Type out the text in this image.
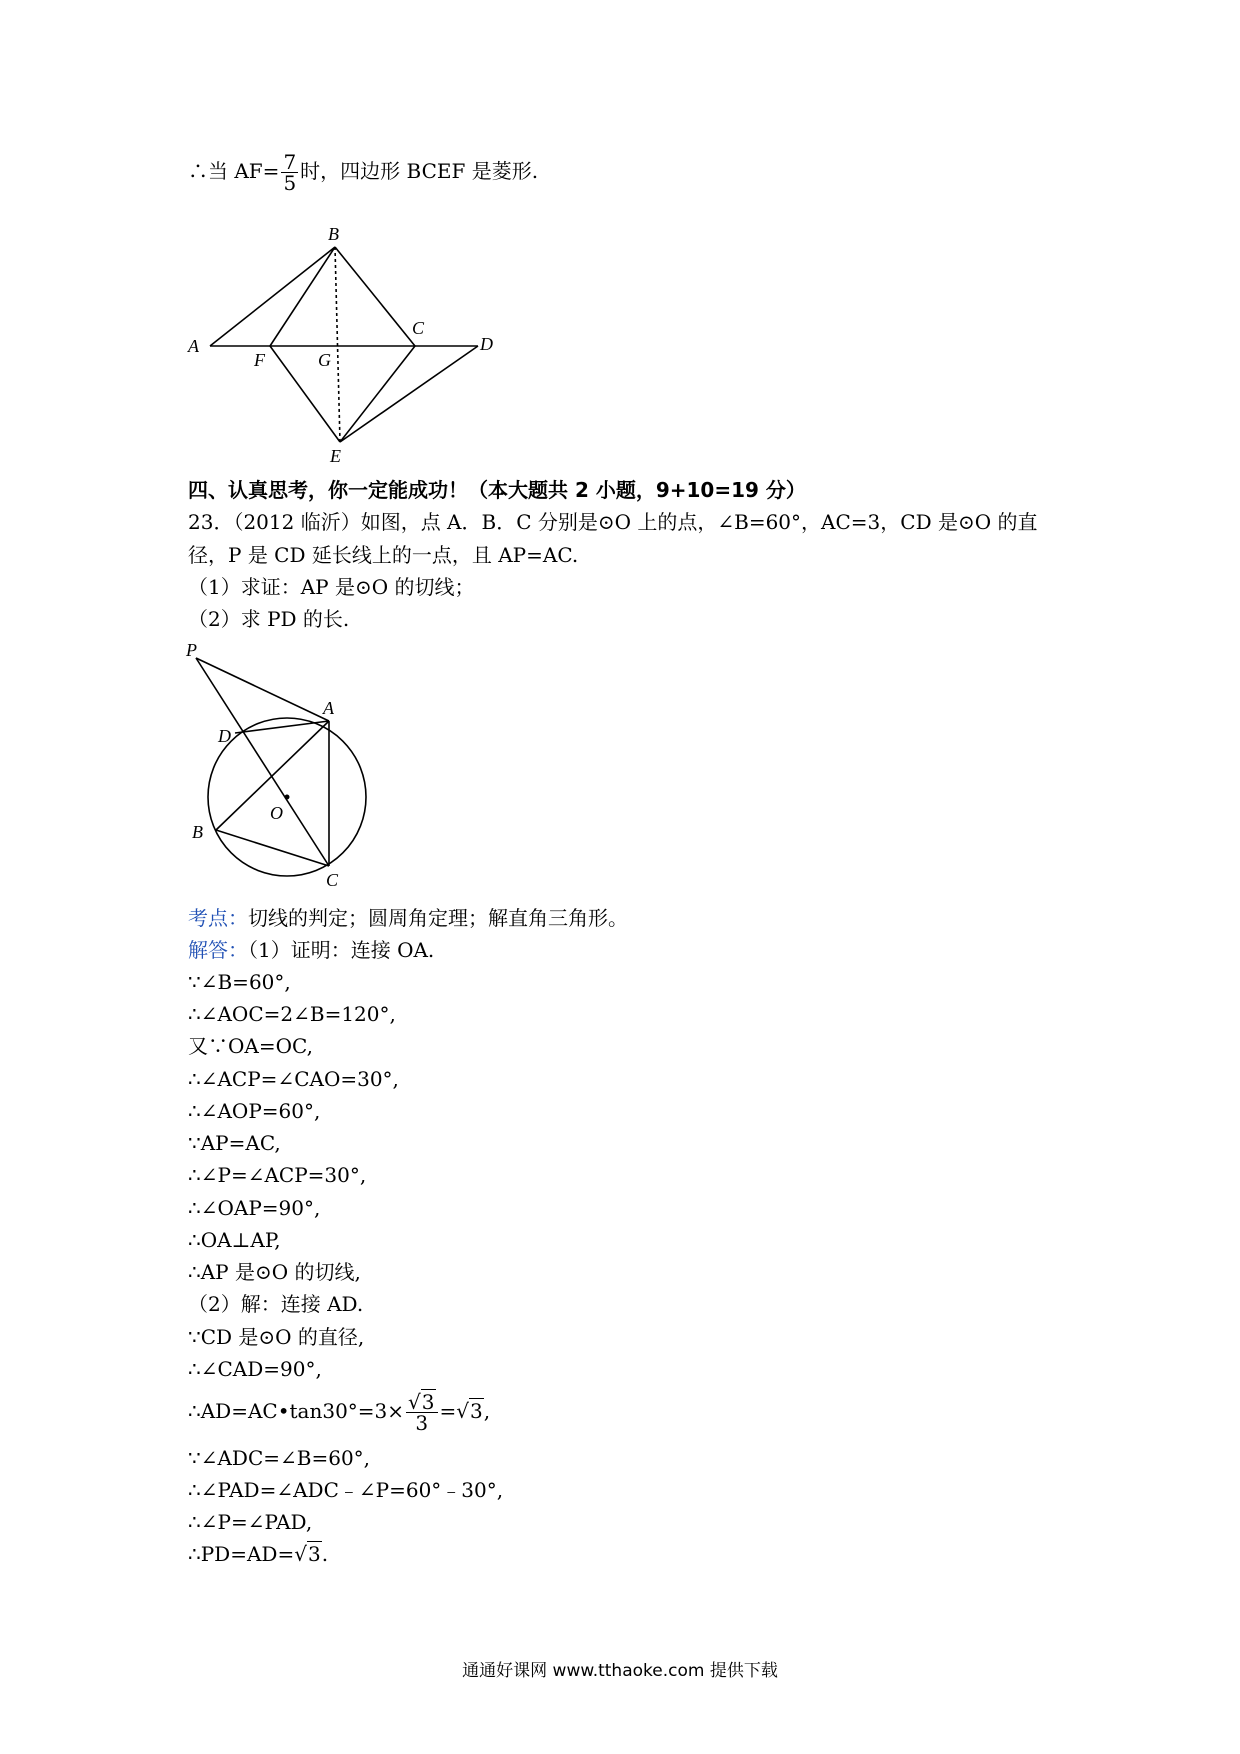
∴当 $AF= \frac{7}{5}$ 时，四边形 BCEF 是菱形.
B
A
F	G
C
D
E
四、认真思考，你一定能成功！（本大题共 2 小题，9+10=19 分）
23．（2012 临沂）如图，点 A．B．C 分别是⊙O 上的点，∠B=60°，AC=3，CD 是⊙O 的直
径，P 是 CD 延长线上的一点，且 AP=AC.
（1）求证：AP 是⊙O 的切线；
（2）求 PD 的长.
P
A
D
O
B
C
考点：切线的判定；圆周角定理；解直角三角形。
解答：（1）证明：连接 OA.
∵∠B=60°,
∴∠AOC=2∠B=120°,
又∵OA=OC,
∴∠ACP=∠CAO=30°,
∴∠AOP=60°,
∵AP=AC,
∴∠P=∠ACP=30°,
∴∠OAP=90°,
∴OA⊥AP,
∴AP 是⊙O 的切线,
（2）解：连接 AD.
∵CD 是⊙O 的直径,
∴∠CAD=90°,
∴AD=AC•tan30°=3× $\frac{√3}{3} =√3$,
∵∠ADC=∠B=60°,
∴∠PAD=∠ADC﹣∠P=60°﹣30°,
∴∠P=∠PAD,
∴PD=AD=√3.
通通好课网 www.tthaoke.com 提供下载
